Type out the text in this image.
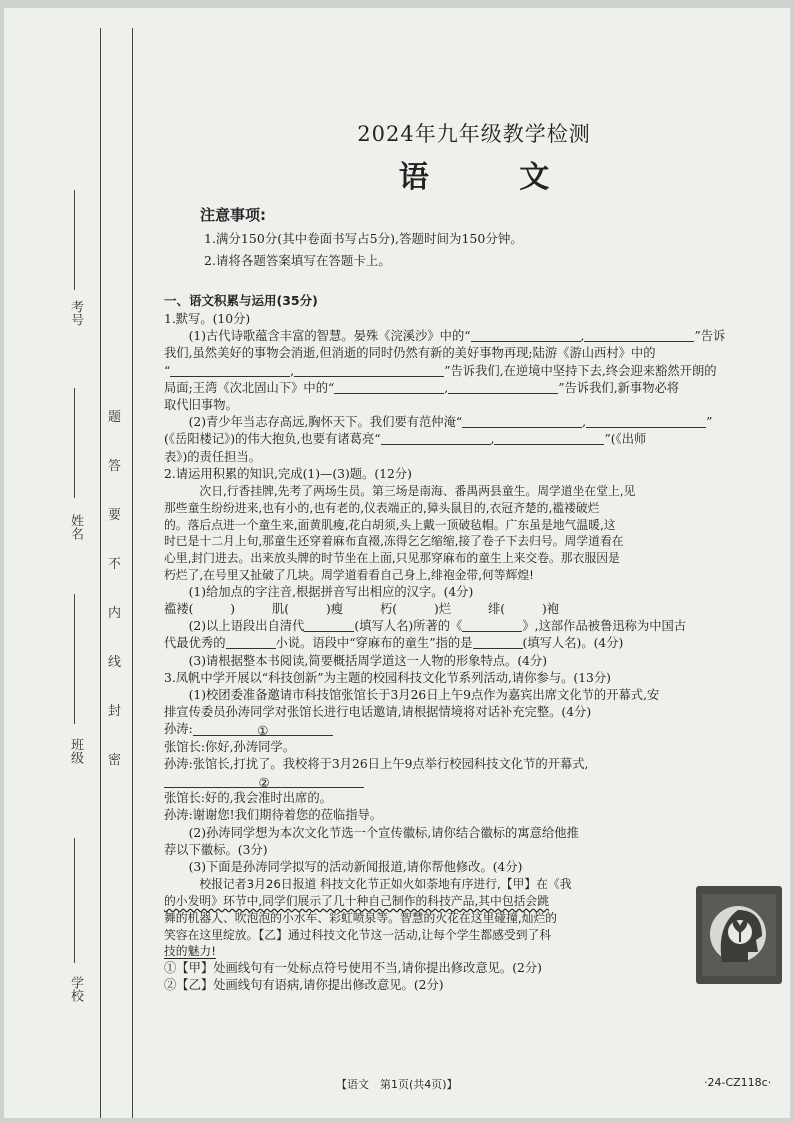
考号
姓名
班级
学校
题
答
要
不
内
线
封
密
2024年九年级教学检测
语 文
注意事项:
1.满分150分(其中卷面书写占5分),答题时间为150分钟。
2.请将各题答案填写在答题卡上。
一、语文积累与运用(35分)

1.默写。(10分)

(1)古代诗歌蕴含丰富的智慧。晏殊《浣溪沙》中的“	,	”告诉

我们,虽然美好的事物会消逝,但消逝的同时仍然有新的美好事物再现;陆游《游山西村》中的

“	,	”告诉我们,在逆境中坚持下去,终会迎来豁然开朗的

局面;王湾《次北固山下》中的“	,	”告诉我们,新事物必将

取代旧事物。

(2)青少年当志存高远,胸怀天下。我们要有范仲淹“	,	”

(《岳阳楼记》)的伟大抱负,也要有诸葛亮“	,	”(《出师

表》)的责任担当。

2.请运用积累的知识,完成(1)—(3)题。(12分)

次日,行香挂牌,先考了两场生员。第三场是南海、番禺两县童生。周学道坐在堂上,见

那些童生纷纷进来,也有小的,也有老的,仪表端正的,獐头鼠目的,衣冠齐楚的,褴褛破烂

的。落后点进一个童生来,面黄肌瘦,花白胡须,头上戴一顶破毡帽。广东虽是地气温暖,这

时已是十二月上旬,那童生还穿着麻布直裰,冻得乞乞缩缩,接了卷子下去归号。周学道看在

心里,封门进去。出来放头牌的时节坐在上面,只见那穿麻布的童生上来交卷。那衣服因是

朽烂了,在号里又扯破了几块。周学道看看自己身上,绯袍金带,何等辉煌!

(1)给加点的字注音,根据拼音写出相应的汉字。(4分)

褴褛(　　　)　　　	肌(　　　)瘦　　　	朽(　　　)烂　　　	绯(　　　)袍

(2)以上语段出自清代	(填写人名)所著的《	》,这部作品被鲁迅称为中国古

代最优秀的	小说。语段中“穿麻布的童生”指的是	(填写人名)。(4分)

(3)请根据整本书阅读,简要概括周学道这一人物的形象特点。(4分)

3.凤帆中学开展以“科技创新”为主题的校园科技文化节系列活动,请你参与。(13分)

(1)校团委准备邀请市科技馆张馆长于3月26日上午9点作为嘉宾出席文化节的开幕式,安

排宣传委员孙涛同学对张馆长进行电话邀请,请根据情境将对话补充完整。(4分)

孙涛:	①

张馆长:你好,孙涛同学。

孙涛:张馆长,打扰了。我校将于3月26日上午9点举行校园科技文化节的开幕式,

②

张馆长:好的,我会准时出席的。

孙涛:谢谢您!我们期待着您的莅临指导。

(2)孙涛同学想为本次文化节选一个宣传徽标,请你结合徽标的寓意给他推

荐以下徽标。(3分)

(3)下面是孙涛同学拟写的活动新闻报道,请你帮他修改。(4分)

校报记者3月26日报道 科技文化节正如火如荼地有序进行,【甲】在《我

的小发明》环节中,同学们展示了几十种自己制作的科技产品,其中包括会跳

舞的机器人、吹泡泡的小水车、彩虹喷泉等。智慧的火花在这里碰撞,灿烂的

笑容在这里绽放。【乙】通过科技文化节这一活动,让每个学生都感受到了科

技的魅力!

①【甲】处画线句有一处标点符号使用不当,请你提出修改意见。(2分)

②【乙】处画线句有语病,请你提出修改意见。(2分)

【语文　第1页(共4页)】	·24-CZ118c·
